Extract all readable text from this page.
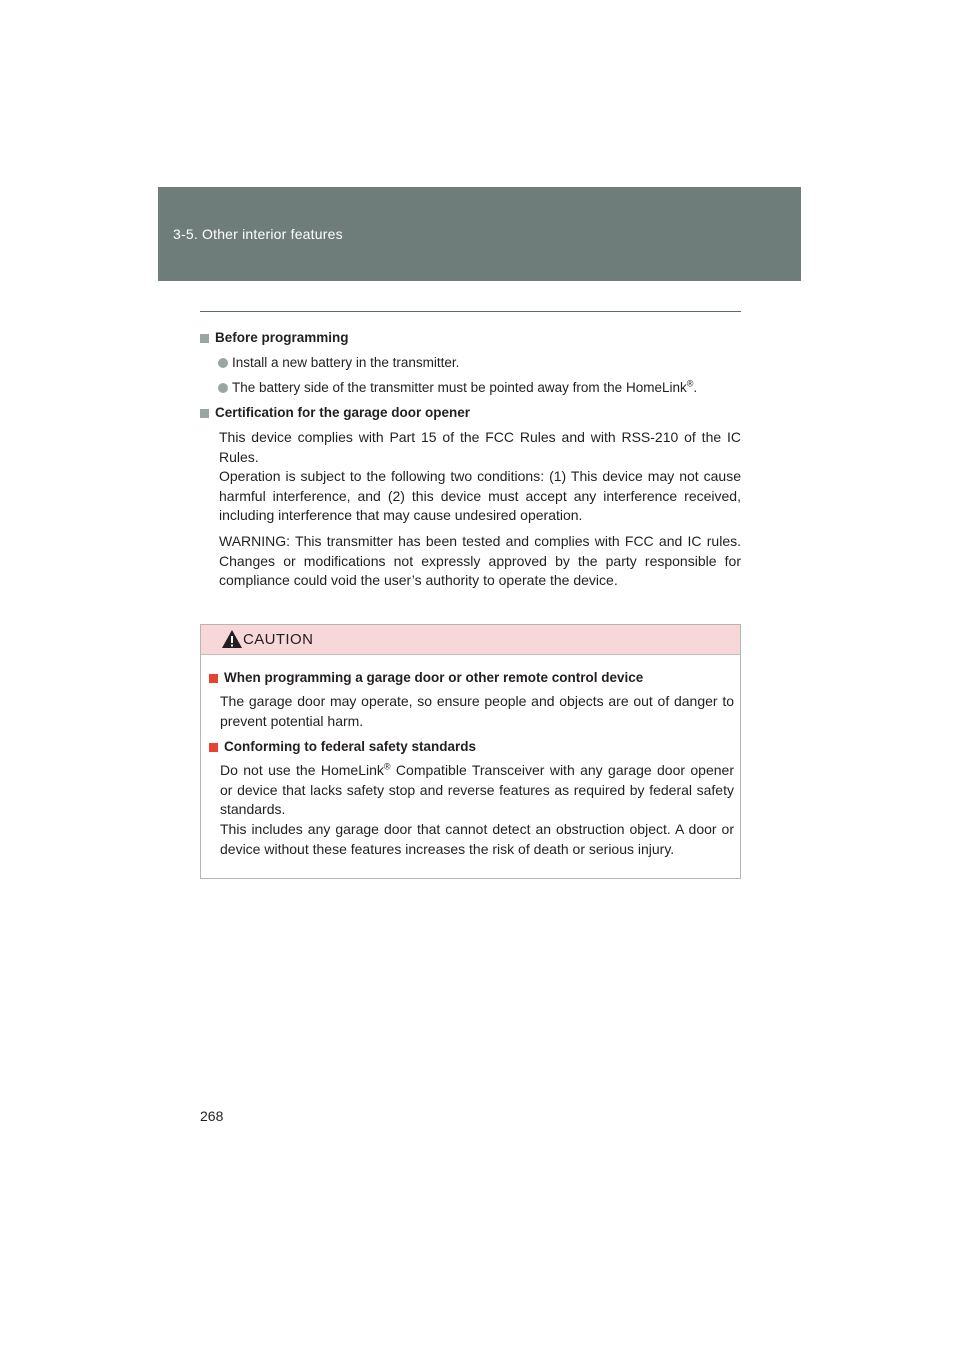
3-5. Other interior features
Before programming
Install a new battery in the transmitter.
The battery side of the transmitter must be pointed away from the HomeLink®.
Certification for the garage door opener
This device complies with Part 15 of the FCC Rules and with RSS-210 of the IC
Rules.
Operation is subject to the following two conditions: (1) This device may not cause
harmful interference, and (2) this device must accept any interference received,
including interference that may cause undesired operation.
WARNING: This transmitter has been tested and complies with FCC and IC rules.
Changes or modifications not expressly approved by the party responsible for
compliance could void the user’s authority to operate the device.
CAUTION
When programming a garage door or other remote control device
The garage door may operate, so ensure people and objects are out of danger to
prevent potential harm.
Conforming to federal safety standards
Do not use the HomeLink® Compatible Transceiver with any garage door opener
or device that lacks safety stop and reverse features as required by federal safety
standards.
This includes any garage door that cannot detect an obstruction object. A door or
device without these features increases the risk of death or serious injury.
268
